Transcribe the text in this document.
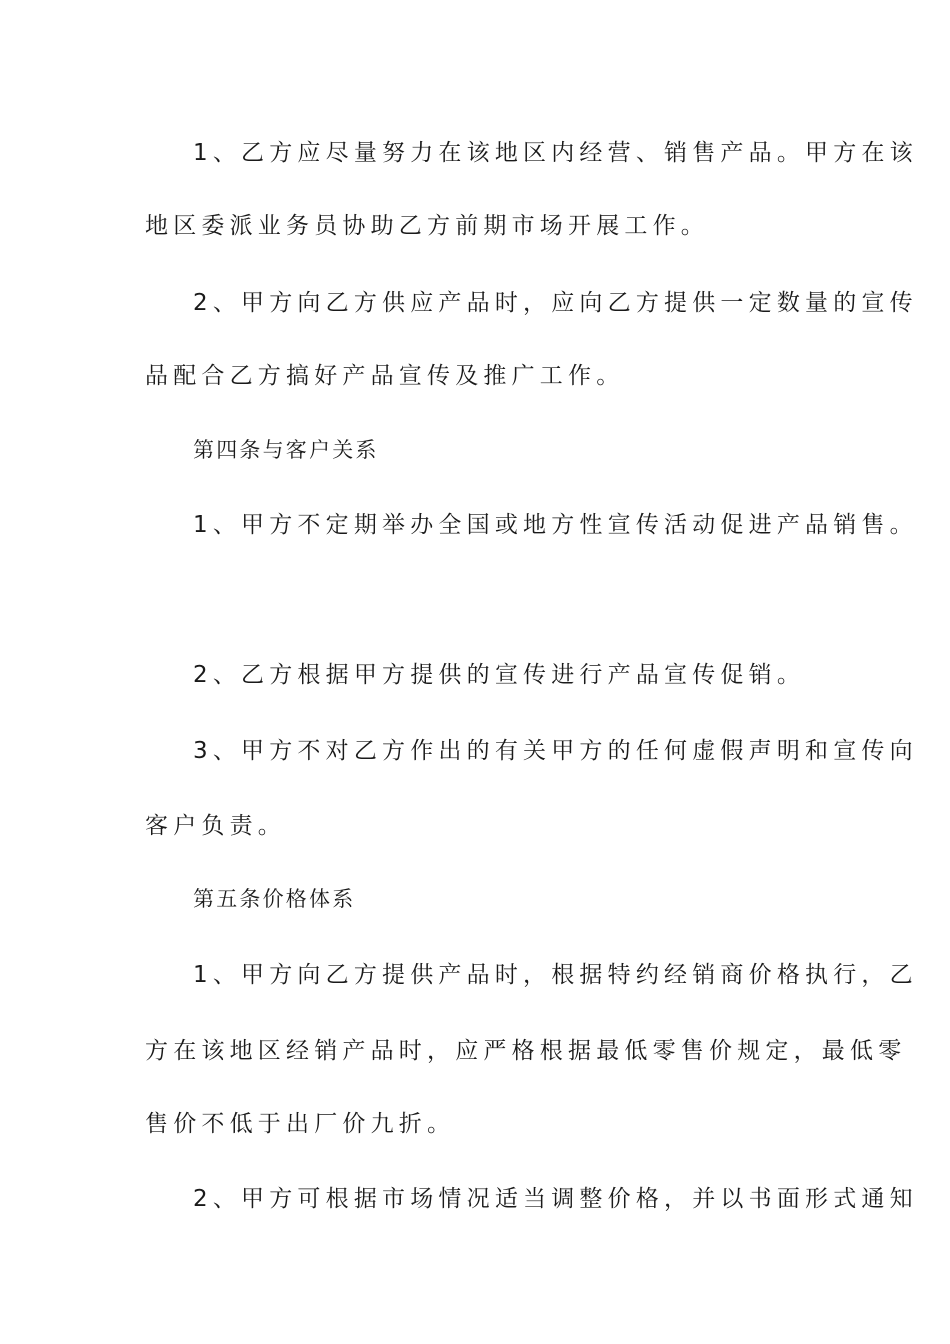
1、乙方应尽量努力在该地区内经营、销售产品。甲方在该
地区委派业务员协助乙方前期市场开展工作。
2、甲方向乙方供应产品时，应向乙方提供一定数量的宣传
品配合乙方搞好产品宣传及推广工作。
第四条与客户关系
1、甲方不定期举办全国或地方性宣传活动促进产品销售。
2、乙方根据甲方提供的宣传进行产品宣传促销。
3、甲方不对乙方作出的有关甲方的任何虚假声明和宣传向
客户负责。
第五条价格体系
1、甲方向乙方提供产品时，根据特约经销商价格执行，乙
方在该地区经销产品时，应严格根据最低零售价规定，最低零
售价不低于出厂价九折。
2、甲方可根据市场情况适当调整价格，并以书面形式通知
